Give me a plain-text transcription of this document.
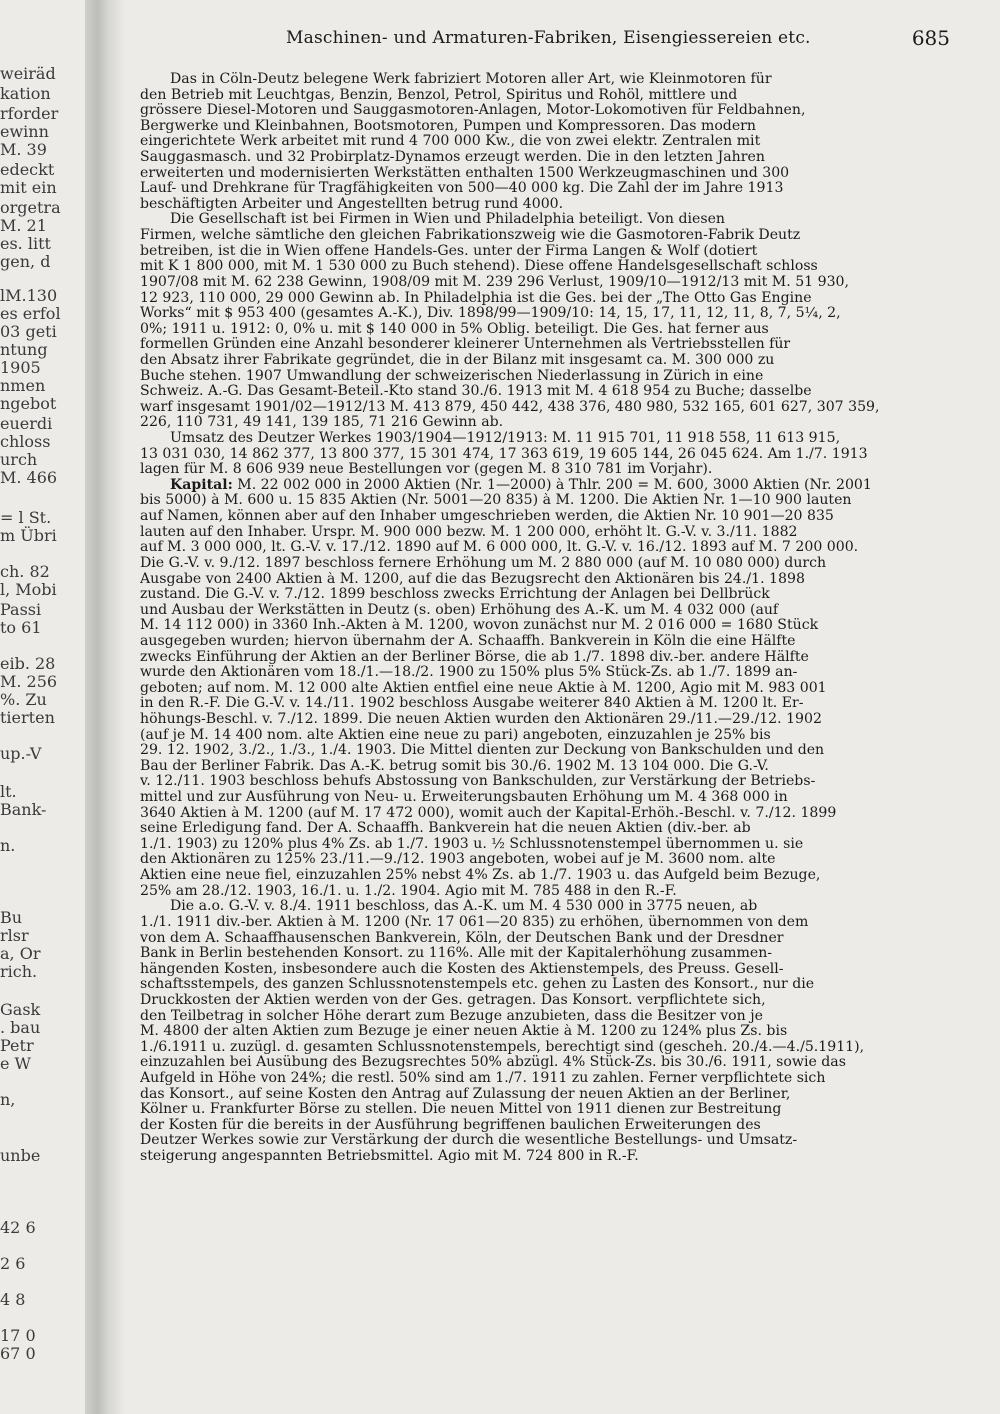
weiräd
kation
rforder
ewinn
M. 39
edeckt
mit ein
orgetra
M. 21
es. litt
gen, d
lM.130
es erfol
03 geti
ntung
1905
nmen
ngebot
euerdi
chloss
urch
M. 466
= l St.
m Übri
ch. 82
l, Mobi
Passi
to 61
eib. 28
M. 256
%. Zu
tierten
up.-V
lt.
Bank-
n.
Bu
rlsr
a, Or
rich.
Gask
. bau
Petr
e W
n,
unbe
42 6
2 6
4 8
17 0
67 0
Maschinen- und Armaturen-Fabriken, Eisengiessereien etc.	685
Das in Cöln-Deutz belegene Werk fabriziert Motoren aller Art, wie Kleinmotoren für
den Betrieb mit Leuchtgas, Benzin, Benzol, Petrol, Spiritus und Rohöl, mittlere und
grössere Diesel-Motoren und Sauggasmotoren-Anlagen, Motor-Lokomotiven für Feldbahnen,
Bergwerke und Kleinbahnen, Bootsmotoren, Pumpen und Kompressoren. Das modern
eingerichtete Werk arbeitet mit rund 4 700 000 Kw., die von zwei elektr. Zentralen mit
Sauggasmasch. und 32 Probirplatz-Dynamos erzeugt werden. Die in den letzten Jahren
erweiterten und modernisierten Werkstätten enthalten 1500 Werkzeugmaschinen und 300
Lauf- und Drehkrane für Tragfähigkeiten von 500—40 000 kg. Die Zahl der im Jahre 1913
beschäftigten Arbeiter und Angestellten betrug rund 4000.
Die Gesellschaft ist bei Firmen in Wien und Philadelphia beteiligt. Von diesen
Firmen, welche sämtliche den gleichen Fabrikationszweig wie die Gasmotoren-Fabrik Deutz
betreiben, ist die in Wien offene Handels-Ges. unter der Firma Langen & Wolf (dotiert
mit K 1 800 000, mit M. 1 530 000 zu Buch stehend). Diese offene Handelsgesellschaft schloss
1907/08 mit M. 62 238 Gewinn, 1908/09 mit M. 239 296 Verlust, 1909/10—1912/13 mit M. 51 930,
12 923, 110 000, 29 000 Gewinn ab. In Philadelphia ist die Ges. bei der „The Otto Gas Engine
Works“ mit $ 953 400 (gesamtes A.-K.), Div. 1898/99—1909/10: 14, 15, 17, 11, 12, 11, 8, 7, 5¼, 2,
0%; 1911 u. 1912: 0, 0% u. mit $ 140 000 in 5% Oblig. beteiligt. Die Ges. hat ferner aus
formellen Gründen eine Anzahl besonderer kleinerer Unternehmen als Vertriebsstellen für
den Absatz ihrer Fabrikate gegründet, die in der Bilanz mit insgesamt ca. M. 300 000 zu
Buche stehen. 1907 Umwandlung der schweizerischen Niederlassung in Zürich in eine
Schweiz. A.-G. Das Gesamt-Beteil.-Kto stand 30./6. 1913 mit M. 4 618 954 zu Buche; dasselbe
warf insgesamt 1901/02—1912/13 M. 413 879, 450 442, 438 376, 480 980, 532 165, 601 627, 307 359,
226, 110 731, 49 141, 139 185, 71 216 Gewinn ab.
Umsatz des Deutzer Werkes 1903/1904—1912/1913: M. 11 915 701, 11 918 558, 11 613 915,
13 031 030, 14 862 377, 13 800 377, 15 301 474, 17 363 619, 19 605 144, 26 045 624. Am 1./7. 1913
lagen für M. 8 606 939 neue Bestellungen vor (gegen M. 8 310 781 im Vorjahr).
Kapital: M. 22 002 000 in 2000 Aktien (Nr. 1—2000) à Thlr. 200 = M. 600, 3000 Aktien (Nr. 2001
bis 5000) à M. 600 u. 15 835 Aktien (Nr. 5001—20 835) à M. 1200. Die Aktien Nr. 1—10 900 lauten
auf Namen, können aber auf den Inhaber umgeschrieben werden, die Aktien Nr. 10 901—20 835
lauten auf den Inhaber. Urspr. M. 900 000 bezw. M. 1 200 000, erhöht lt. G.-V. v. 3./11. 1882
auf M. 3 000 000, lt. G.-V. v. 17./12. 1890 auf M. 6 000 000, lt. G.-V. v. 16./12. 1893 auf M. 7 200 000.
Die G.-V. v. 9./12. 1897 beschloss fernere Erhöhung um M. 2 880 000 (auf M. 10 080 000) durch
Ausgabe von 2400 Aktien à M. 1200, auf die das Bezugsrecht den Aktionären bis 24./1. 1898
zustand. Die G.-V. v. 7./12. 1899 beschloss zwecks Errichtung der Anlagen bei Dellbrück
und Ausbau der Werkstätten in Deutz (s. oben) Erhöhung des A.-K. um M. 4 032 000 (auf
M. 14 112 000) in 3360 Inh.-Akten à M. 1200, wovon zunächst nur M. 2 016 000 = 1680 Stück
ausgegeben wurden; hiervon übernahm der A. Schaaffh. Bankverein in Köln die eine Hälfte
zwecks Einführung der Aktien an der Berliner Börse, die ab 1./7. 1898 div.-ber. andere Hälfte
wurde den Aktionären vom 18./1.—18./2. 1900 zu 150% plus 5% Stück-Zs. ab 1./7. 1899 an-
geboten; auf nom. M. 12 000 alte Aktien entfiel eine neue Aktie à M. 1200, Agio mit M. 983 001
in den R.-F. Die G.-V. v. 14./11. 1902 beschloss Ausgabe weiterer 840 Aktien à M. 1200 lt. Er-
höhungs-Beschl. v. 7./12. 1899. Die neuen Aktien wurden den Aktionären 29./11.—29./12. 1902
(auf je M. 14 400 nom. alte Aktien eine neue zu pari) angeboten, einzuzahlen je 25% bis
29. 12. 1902, 3./2., 1./3., 1./4. 1903. Die Mittel dienten zur Deckung von Bankschulden und den
Bau der Berliner Fabrik. Das A.-K. betrug somit bis 30./6. 1902 M. 13 104 000. Die G.-V.
v. 12./11. 1903 beschloss behufs Abstossung von Bankschulden, zur Verstärkung der Betriebs-
mittel und zur Ausführung von Neu- u. Erweiterungsbauten Erhöhung um M. 4 368 000 in
3640 Aktien à M. 1200 (auf M. 17 472 000), womit auch der Kapital-Erhöh.-Beschl. v. 7./12. 1899
seine Erledigung fand. Der A. Schaaffh. Bankverein hat die neuen Aktien (div.-ber. ab
1./1. 1903) zu 120% plus 4% Zs. ab 1./7. 1903 u. ½ Schlussnotenstempel übernommen u. sie
den Aktionären zu 125% 23./11.—9./12. 1903 angeboten, wobei auf je M. 3600 nom. alte
Aktien eine neue fiel, einzuzahlen 25% nebst 4% Zs. ab 1./7. 1903 u. das Aufgeld beim Bezuge,
25% am 28./12. 1903, 16./1. u. 1./2. 1904. Agio mit M. 785 488 in den R.-F.
Die a.o. G.-V. v. 8./4. 1911 beschloss, das A.-K. um M. 4 530 000 in 3775 neuen, ab
1./1. 1911 div.-ber. Aktien à M. 1200 (Nr. 17 061—20 835) zu erhöhen, übernommen von dem
von dem A. Schaaffhausenschen Bankverein, Köln, der Deutschen Bank und der Dresdner
Bank in Berlin bestehenden Konsort. zu 116%. Alle mit der Kapitalerhöhung zusammen-
hängenden Kosten, insbesondere auch die Kosten des Aktienstempels, des Preuss. Gesell-
schaftsstempels, des ganzen Schlussnotenstempels etc. gehen zu Lasten des Konsort., nur die
Druckkosten der Aktien werden von der Ges. getragen. Das Konsort. verpflichtete sich,
den Teilbetrag in solcher Höhe derart zum Bezuge anzubieten, dass die Besitzer von je
M. 4800 der alten Aktien zum Bezuge je einer neuen Aktie à M. 1200 zu 124% plus Zs. bis
1./6.1911 u. zuzügl. d. gesamten Schlussnotenstempels, berechtigt sind (gescheh. 20./4.—4./5.1911),
einzuzahlen bei Ausübung des Bezugsrechtes 50% abzügl. 4% Stück-Zs. bis 30./6. 1911, sowie das
Aufgeld in Höhe von 24%; die restl. 50% sind am 1./7. 1911 zu zahlen. Ferner verpflichtete sich
das Konsort., auf seine Kosten den Antrag auf Zulassung der neuen Aktien an der Berliner,
Kölner u. Frankfurter Börse zu stellen. Die neuen Mittel von 1911 dienen zur Bestreitung
der Kosten für die bereits in der Ausführung begriffenen baulichen Erweiterungen des
Deutzer Werkes sowie zur Verstärkung der durch die wesentliche Bestellungs- und Umsatz-
steigerung angespannten Betriebsmittel. Agio mit M. 724 800 in R.-F.
